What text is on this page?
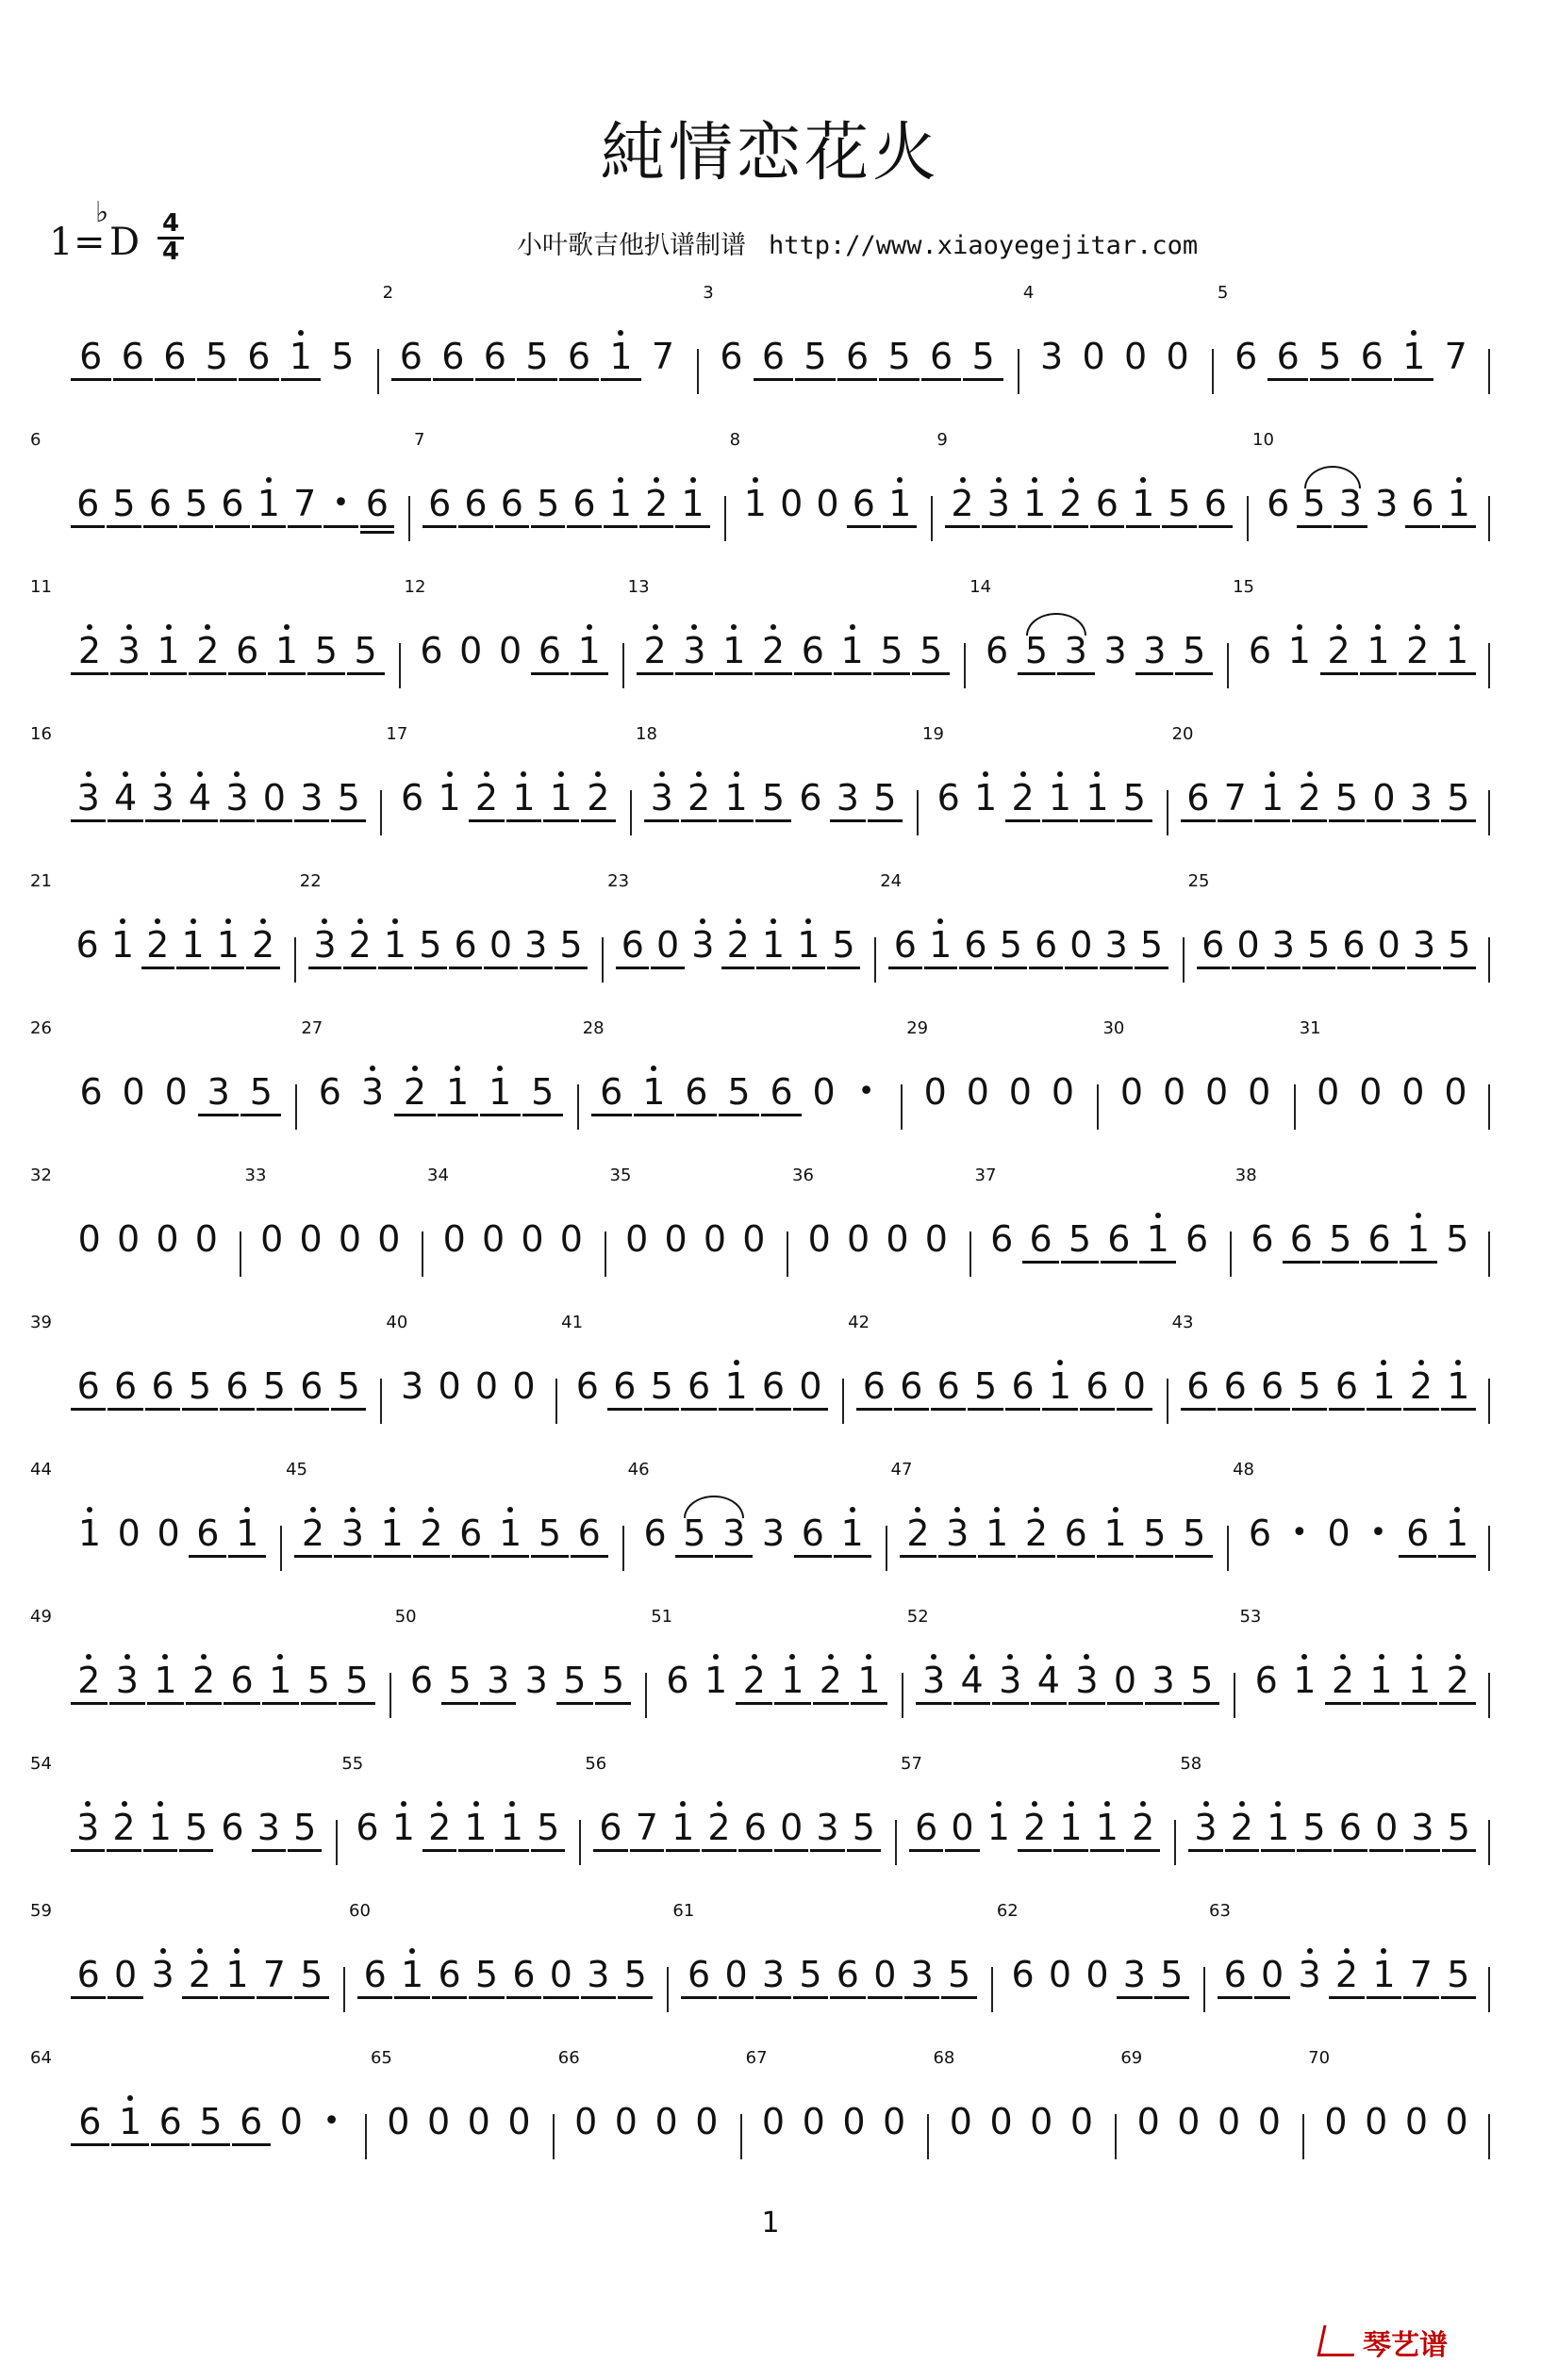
純情恋花火
1 =
♭
D 4
4	小叶歌吉他扒谱制谱 http://www.xiaoyegejitar.com
6 6 6 5 6 1 5
2
6 6 6 5 6 1 7
3
6 6 5 6 5 6 5
4
3 0 0 0
5
6 6 5 6 1 7
6
6 5 6 5 6 1 7 • 6
7
6 6 6 5 6 1 2 1
8
1 0 0 6 1
9
2 3 1 2 6 1 5 6
10
6 5 3 3 6 1
11
2 3 1 2 6 1 5 5
12
6 0 0 6 1
13
2 3 1 2 6 1 5 5
14
6 5 3 3 3 5
15
6 1 2 1 2 1
16
3 4 3 4 3 0 3 5
17
6 1 2 1 1 2
18
3 2 1 5 6 3 5
19
6 1 2 1 1 5
20
6 7 1 2 5 0 3 5
21
6 1 2 1 1 2
22
3 2 1 5 6 0 3 5
23
6 0 3 2 1 1 5
24
6 1 6 5 6 0 3 5
25
6 0 3 5 6 0 3 5
26
6 0 0 3 5
27
6 3 2 1 1 5
28
6 1 6 5 6 0 •
29
0 0 0 0
30
0 0 0 0
31
0 0 0 0
32
0 0 0 0
33
0 0 0 0
34
0 0 0 0
35
0 0 0 0
36
0 0 0 0
37
6 6 5 6 1 6
38
6 6 5 6 1 5
39
6 6 6 5 6 5 6 5
40
3 0 0 0
41
6 6 5 6 1 6 0
42
6 6 6 5 6 1 6 0
43
6 6 6 5 6 1 2 1
44
1 0 0 6 1
45
2 3 1 2 6 1 5 6
46
6 5 3 3 6 1
47
2 3 1 2 6 1 5 5
48
6 • 0 • 6 1
49
2 3 1 2 6 1 5 5
50
6 5 3 3 5 5
51
6 1 2 1 2 1
52
3 4 3 4 3 0 3 5
53
6 1 2 1 1 2
54
3 2 1 5 6 3 5
55
6 1 2 1 1 5
56
6 7 1 2 6 0 3 5
57
6 0 1 2 1 1 2
58
3 2 1 5 6 0 3 5
59
6 0 3 2 1 7 5
60
6 1 6 5 6 0 3 5
61
6 0 3 5 6 0 3 5
62
6 0 0 3 5
63
6 0 3 2 1 7 5
64
6 1 6 5 6 0 •
65
0 0 0 0
66
0 0 0 0
67
0 0 0 0
68
0 0 0 0
69
0 0 0 0
70
0 0 0 0
1
琴艺谱
